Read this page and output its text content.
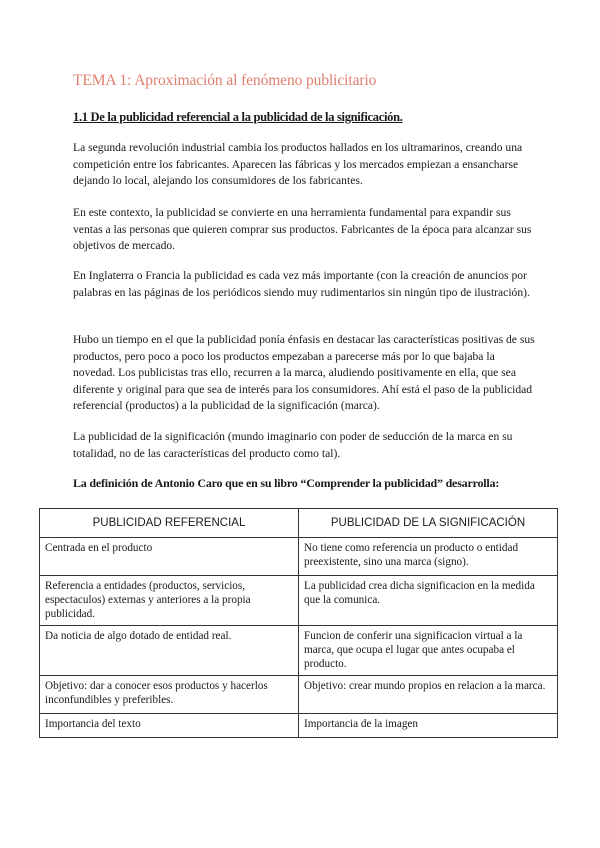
TEMA 1: Aproximación al fenómeno publicitario
1.1 De la publicidad referencial a la publicidad de la significación.

La segunda revolución industrial cambia los productos hallados en los ultramarinos, creando una competición entre los fabricantes. Aparecen las fábricas y los mercados empiezan a ensancharse dejando lo local, alejando los consumidores de los fabricantes.

En este contexto, la publicidad se convierte en una herramienta fundamental para expandir sus ventas a las personas que quieren comprar sus productos. Fabricantes de la época para alcanzar sus objetivos de mercado.

En Inglaterra o Francia la publicidad es cada vez más importante (con la creación de anuncios por palabras en las páginas de los periódicos siendo muy rudimentarios sin ningún tipo de ilustración).

Hubo un tiempo en el que la publicidad ponía énfasis en destacar las características positivas de sus productos, pero poco a poco los productos empezaban a parecerse más por lo que bajaba la novedad. Los publicistas tras ello, recurren a la marca, aludiendo positivamente en ella, que sea diferente y original para que sea de interés para los consumidores. Ahí está el paso de la publicidad referencial (productos) a la publicidad de la significación (marca).

La publicidad de la significación (mundo imaginario con poder de seducción de la marca en su totalidad, no de las características del producto como tal).

La definición de Antonio Caro que en su libro “Comprender la publicidad” desarrolla:
PUBLICIDAD REFERENCIAL	PUBLICIDAD DE LA SIGNIFICACIÓN
Centrada en el producto	No tiene como referencia un producto o entidad preexistente, sino una marca (signo).
Referencia a entidades (productos, servicios, espectaculos) externas y anteriores a la propia publicidad.	La publicidad crea dicha significacion en la medida que la comunica.
Da noticia de algo dotado de entidad real.	Funcion de conferir una significacion virtual a la marca, que ocupa el lugar que antes ocupaba el producto.
Objetivo: dar a conocer esos productos y hacerlos inconfundibles y preferibles.	Objetivo: crear mundo propios en relacion a la marca.
Importancia del texto	Importancia de la imagen
